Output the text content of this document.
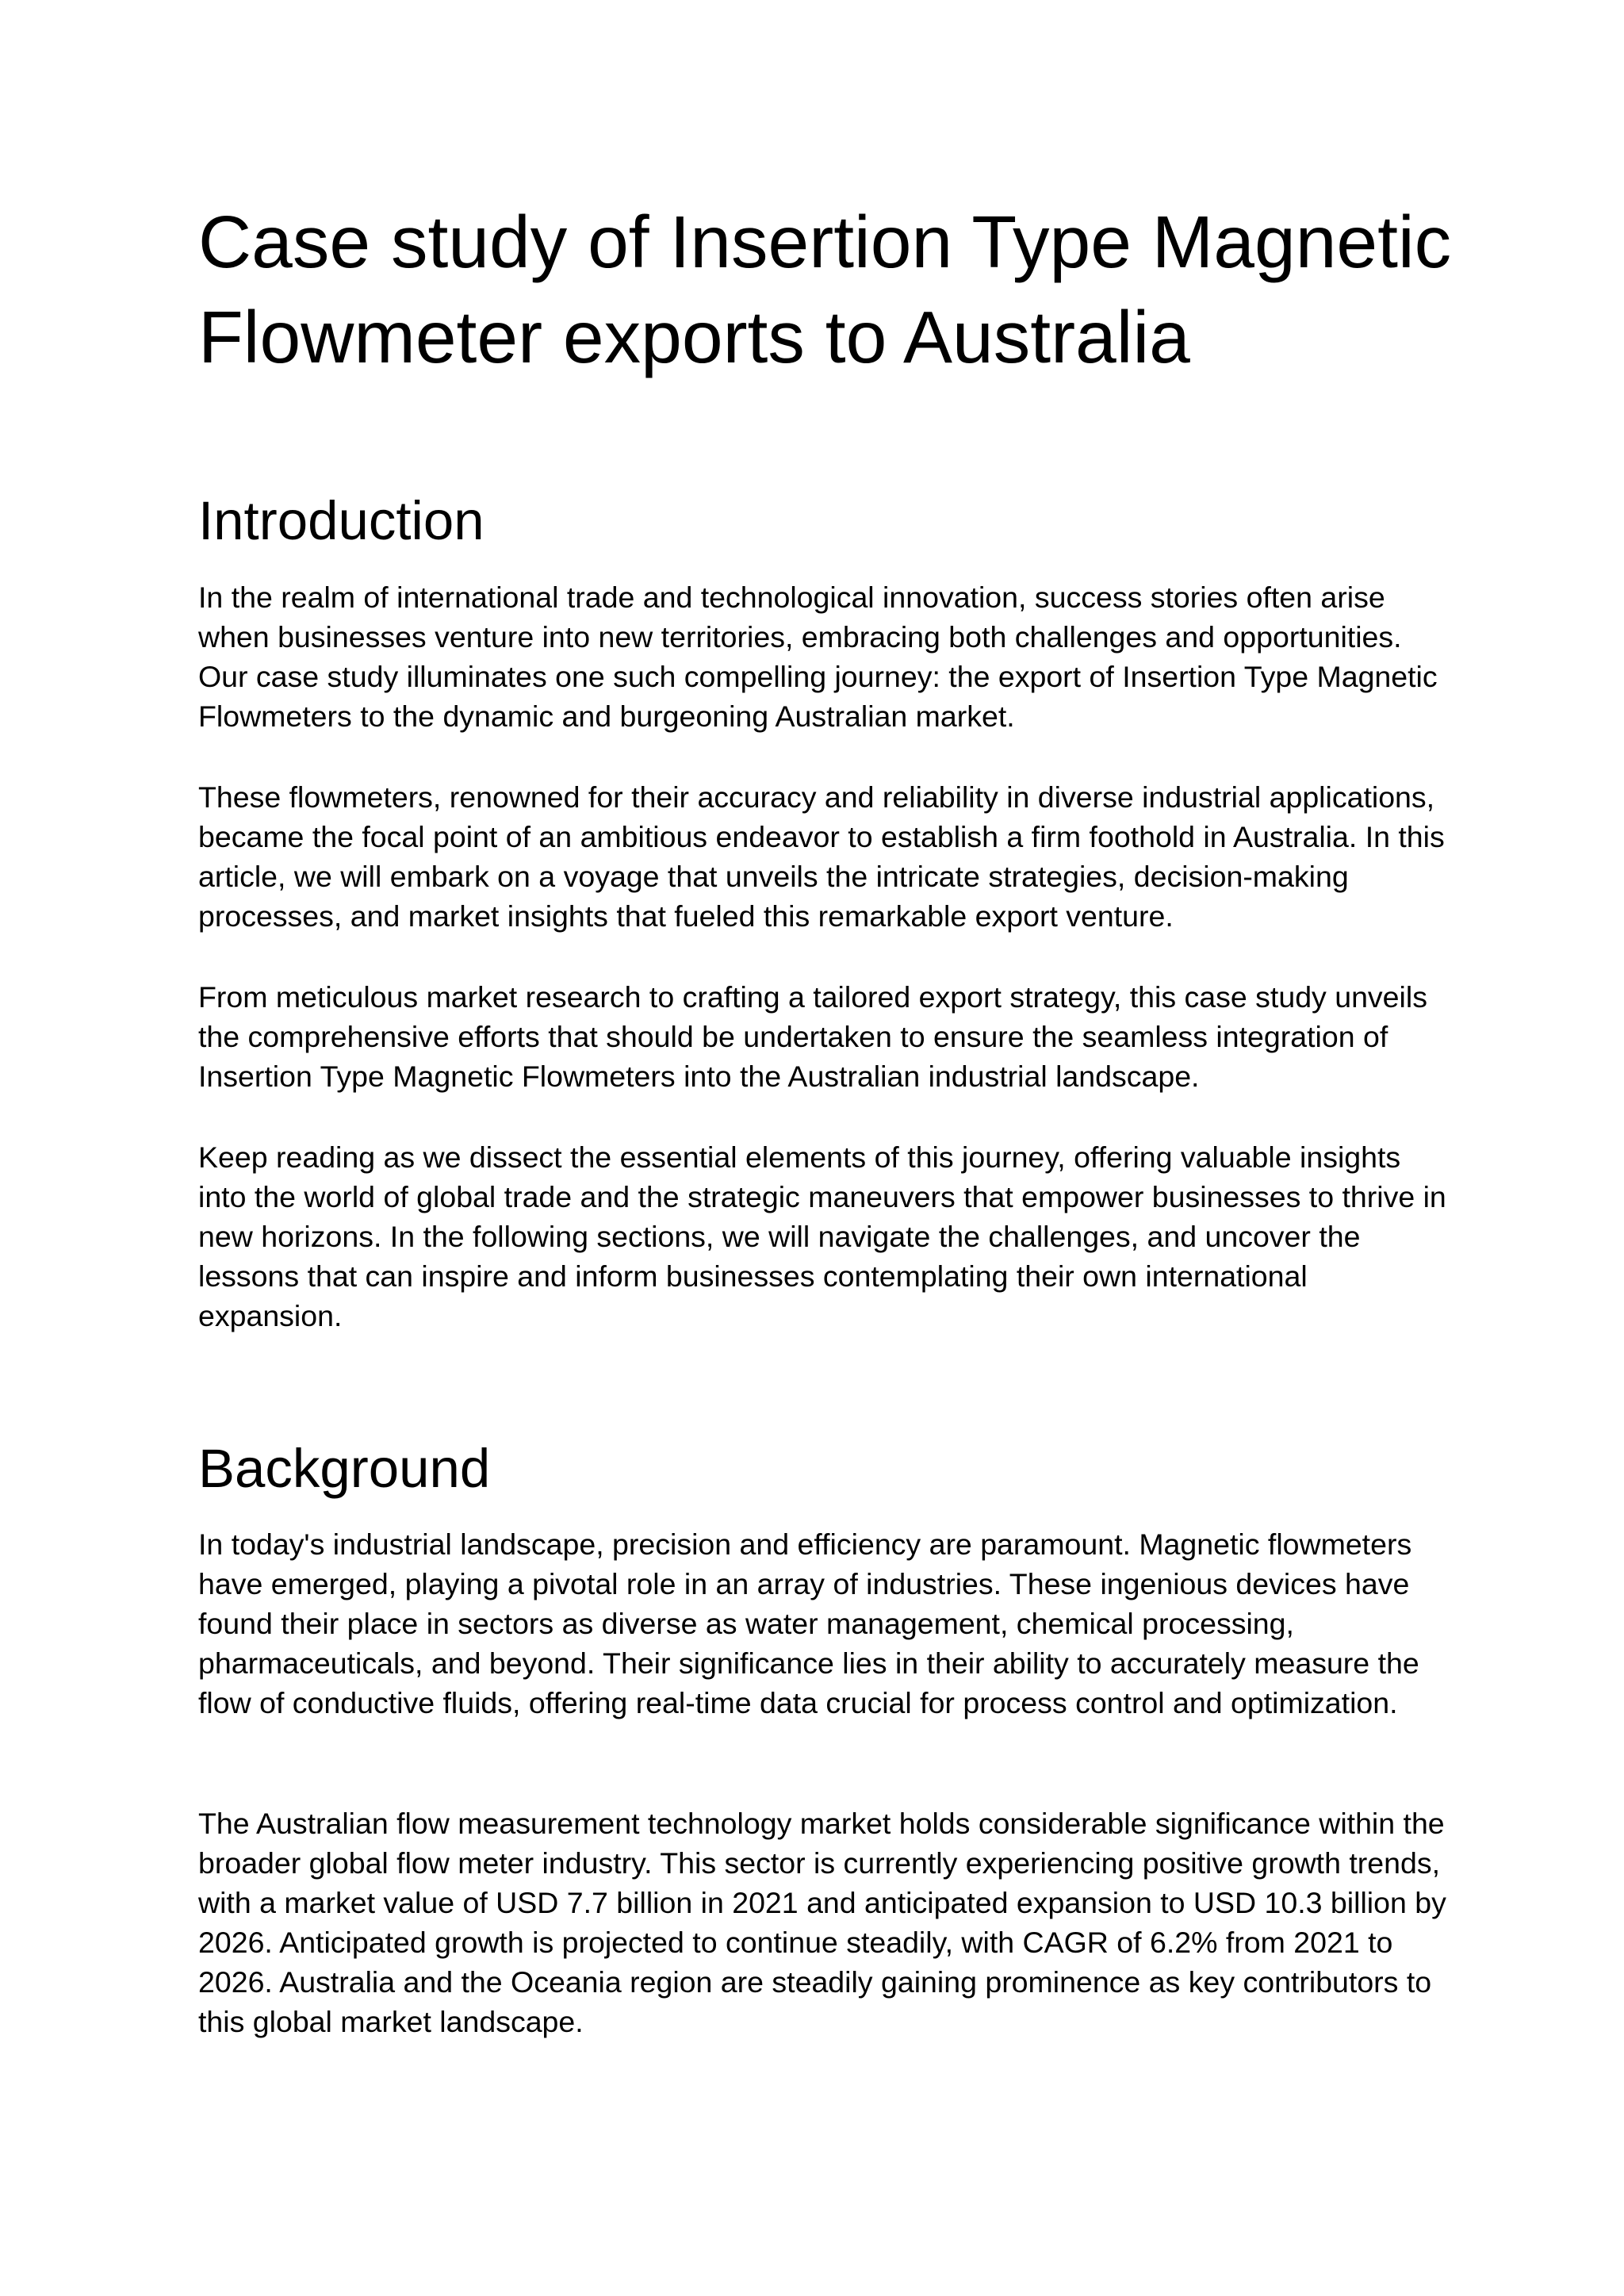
Case study of Insertion Type Magnetic Flowmeter exports to Australia
Introduction

In the realm of international trade and technological innovation, success stories often arise when businesses venture into new territories, embracing both challenges and opportunities. Our case study illuminates one such compelling journey: the export of Insertion Type Magnetic Flowmeters to the dynamic and burgeoning Australian market.

These flowmeters, renowned for their accuracy and reliability in diverse industrial applications, became the focal point of an ambitious endeavor to establish a firm foothold in Australia. In this article, we will embark on a voyage that unveils the intricate strategies, decision-making processes, and market insights that fueled this remarkable export venture.

From meticulous market research to crafting a tailored export strategy, this case study unveils the comprehensive efforts that should be undertaken to ensure the seamless integration of Insertion Type Magnetic Flowmeters into the Australian industrial landscape.

Keep reading as we dissect the essential elements of this journey, offering valuable insights into the world of global trade and the strategic maneuvers that empower businesses to thrive in new horizons. In the following sections, we will navigate the challenges, and uncover the lessons that can inspire and inform businesses contemplating their own international expansion.

Background

In today's industrial landscape, precision and efficiency are paramount. Magnetic flowmeters have emerged, playing a pivotal role in an array of industries. These ingenious devices have found their place in sectors as diverse as water management, chemical processing, pharmaceuticals, and beyond. Their significance lies in their ability to accurately measure the flow of conductive fluids, offering real-time data crucial for process control and optimization.

The Australian flow measurement technology market holds considerable significance within the broader global flow meter industry. This sector is currently experiencing positive growth trends, with a market value of USD 7.7 billion in 2021 and anticipated expansion to USD 10.3 billion by 2026. Anticipated growth is projected to continue steadily, with CAGR of 6.2% from 2021 to 2026. Australia and the Oceania region are steadily gaining prominence as key contributors to this global market landscape.
